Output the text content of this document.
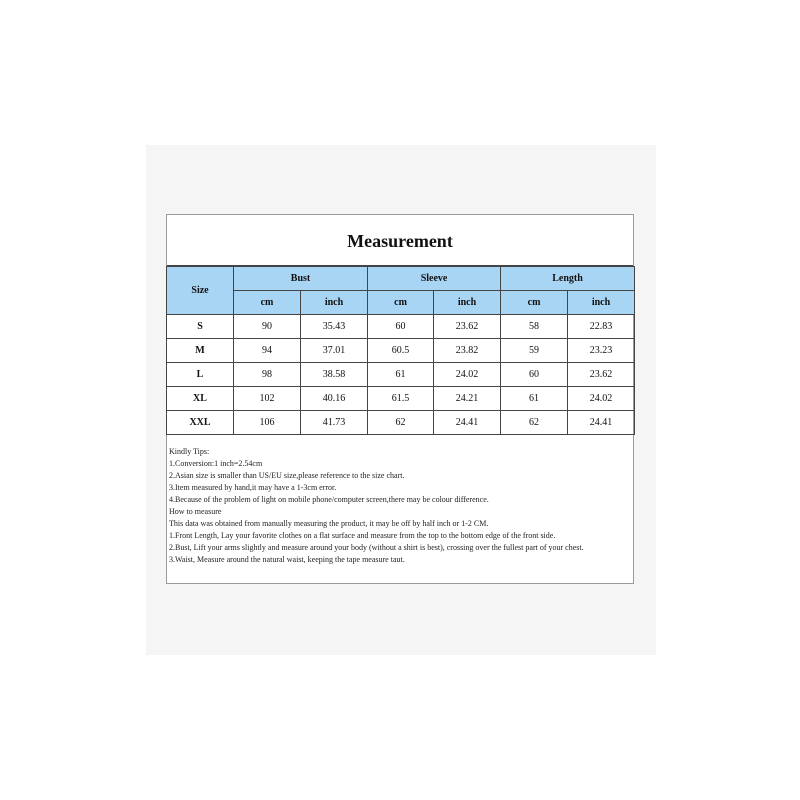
Measurement
Size	Bust		Sleeve		Length	
	cm	inch	cm	inch	cm	inch
S	90	35.43	60	23.62	58	22.83
M	94	37.01	60.5	23.82	59	23.23
L	98	38.58	61	24.02	60	23.62
XL	102	40.16	61.5	24.21	61	24.02
XXL	106	41.73	62	24.41	62	24.41
Kindly Tips:
1.Conversion:1 inch=2.54cm
2.Asian size is smaller than US/EU size,please reference to the size chart.
3.Item measured by hand,it may have a 1-3cm error.
4.Because of the problem of light on mobile phone/computer screen,there may be colour difference.
How to measure
This data was obtained from manually measuring the product, it may be off by half inch or 1-2 CM.
1.Front Length, Lay your favorite clothes on a flat surface and measure from the top to the bottom edge of the front side.
2.Bust, Lift your arms slightly and measure around your body (without a shirt is best), crossing over the fullest part of your chest.
3.Waist, Measure around the natural waist, keeping the tape measure taut.
